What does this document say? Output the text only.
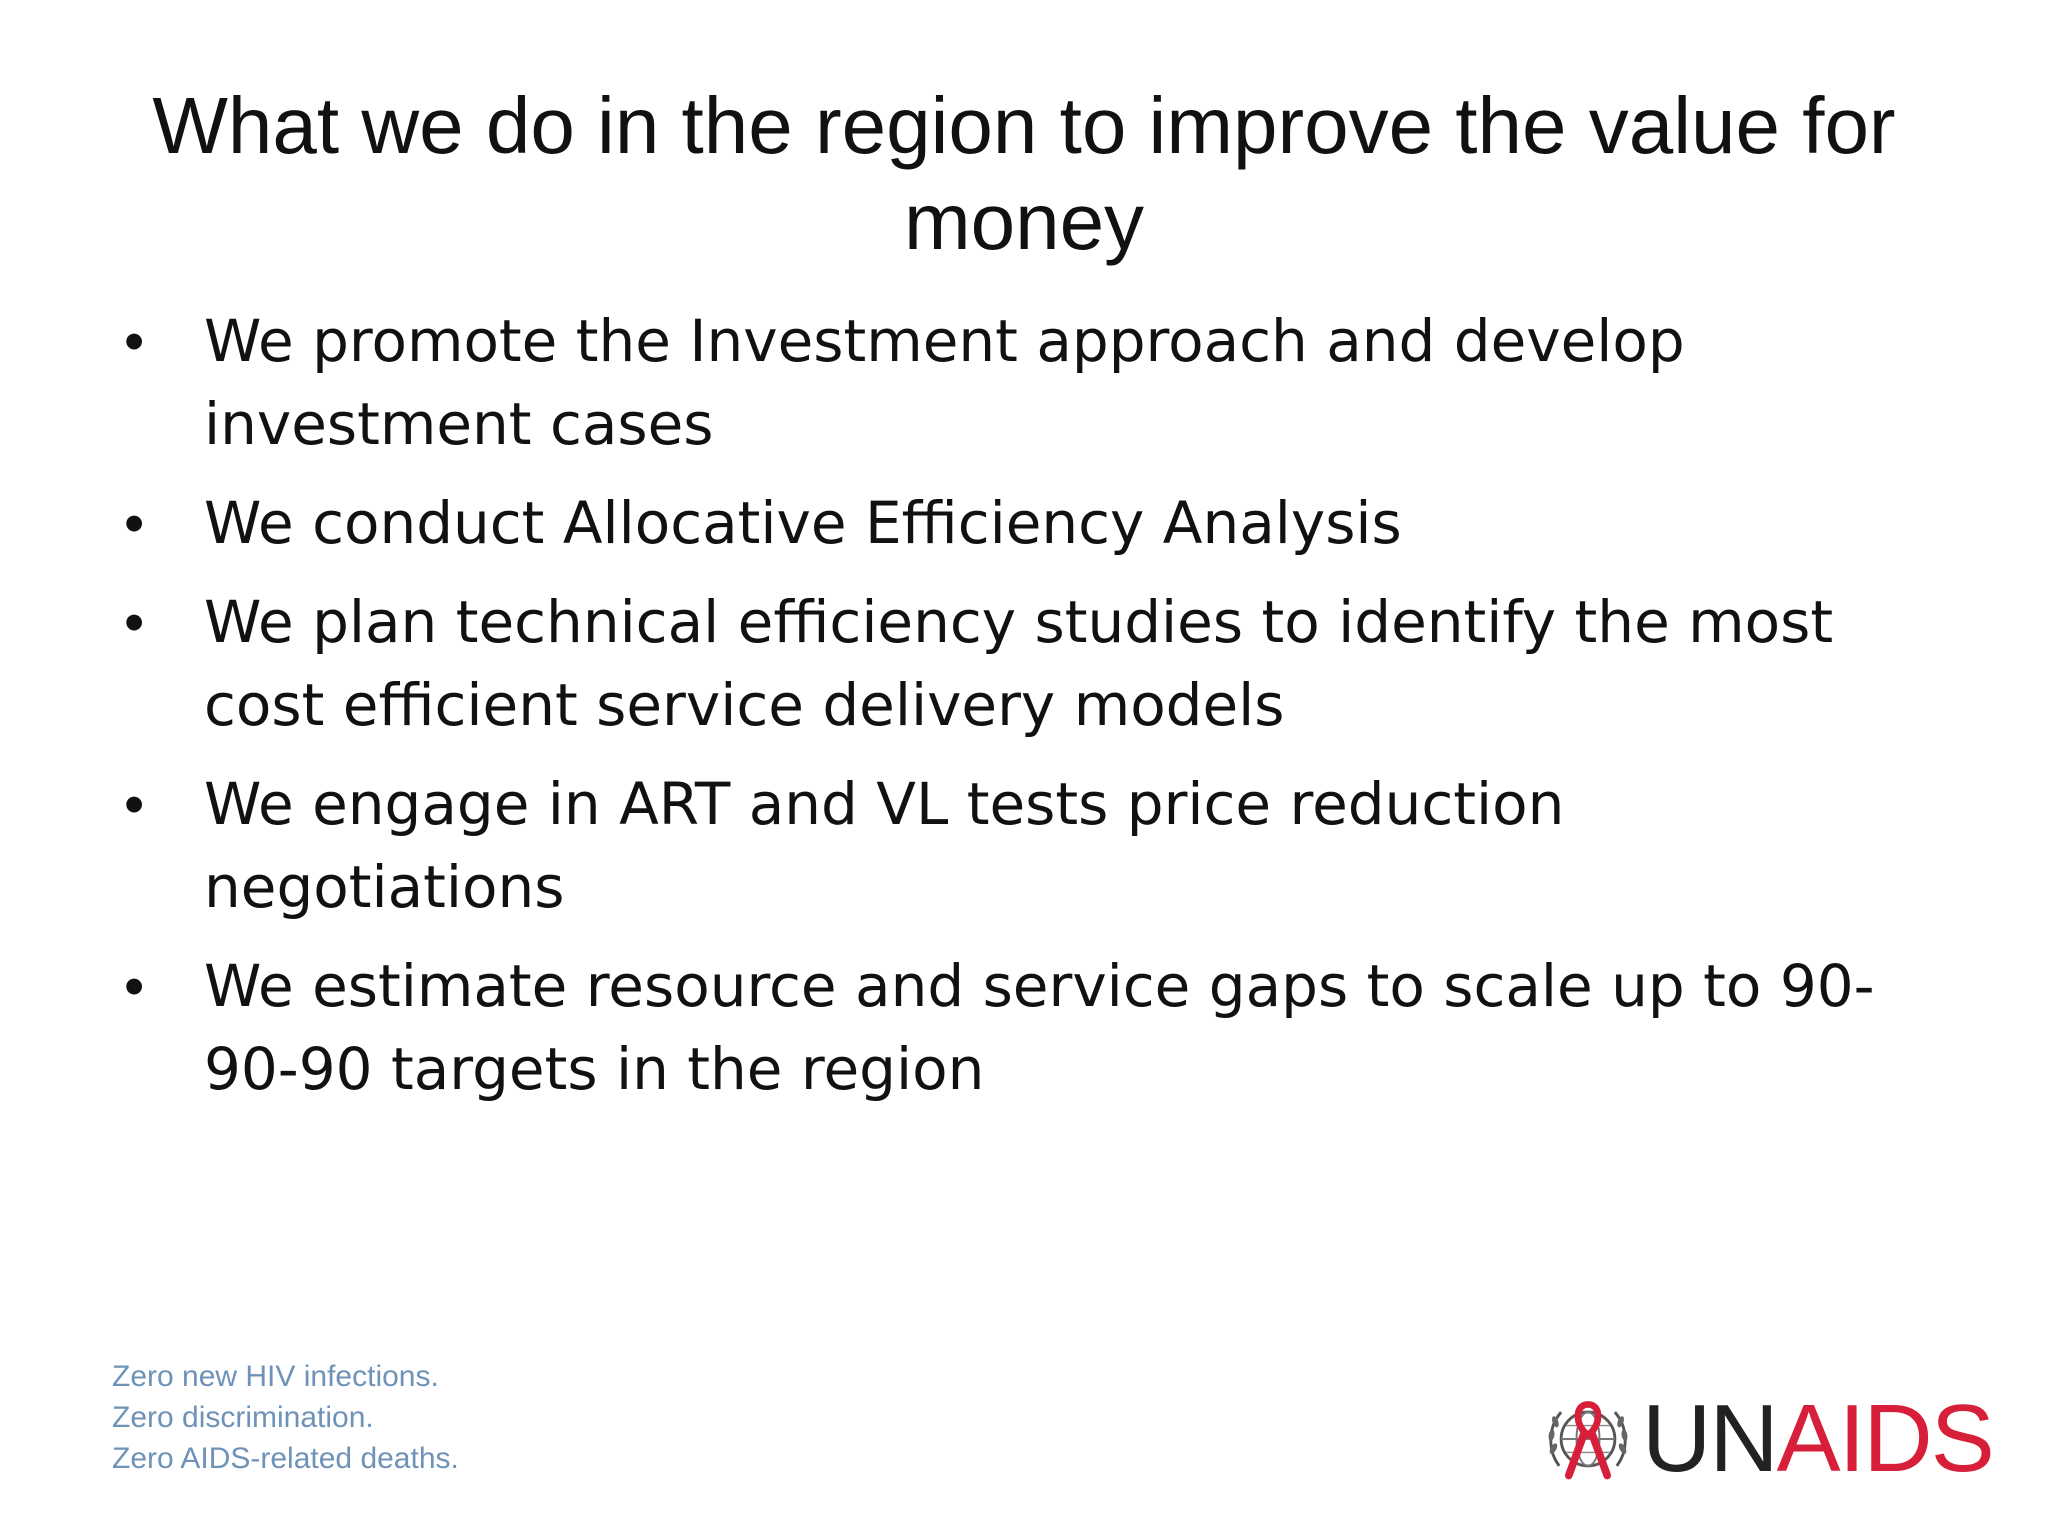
What we do in the region to improve the value for money
• We promote the Investment approach and develop investment cases
• We conduct Allocative Efficiency Analysis
• We plan technical efficiency studies to identify the most cost efficient service delivery models
• We engage in ART and VL tests price reduction negotiations
• We estimate resource and service gaps to scale up to 90-90-90 targets in the region
Zero new HIV infections.
Zero discrimination.
Zero AIDS-related deaths.	UNAIDS
